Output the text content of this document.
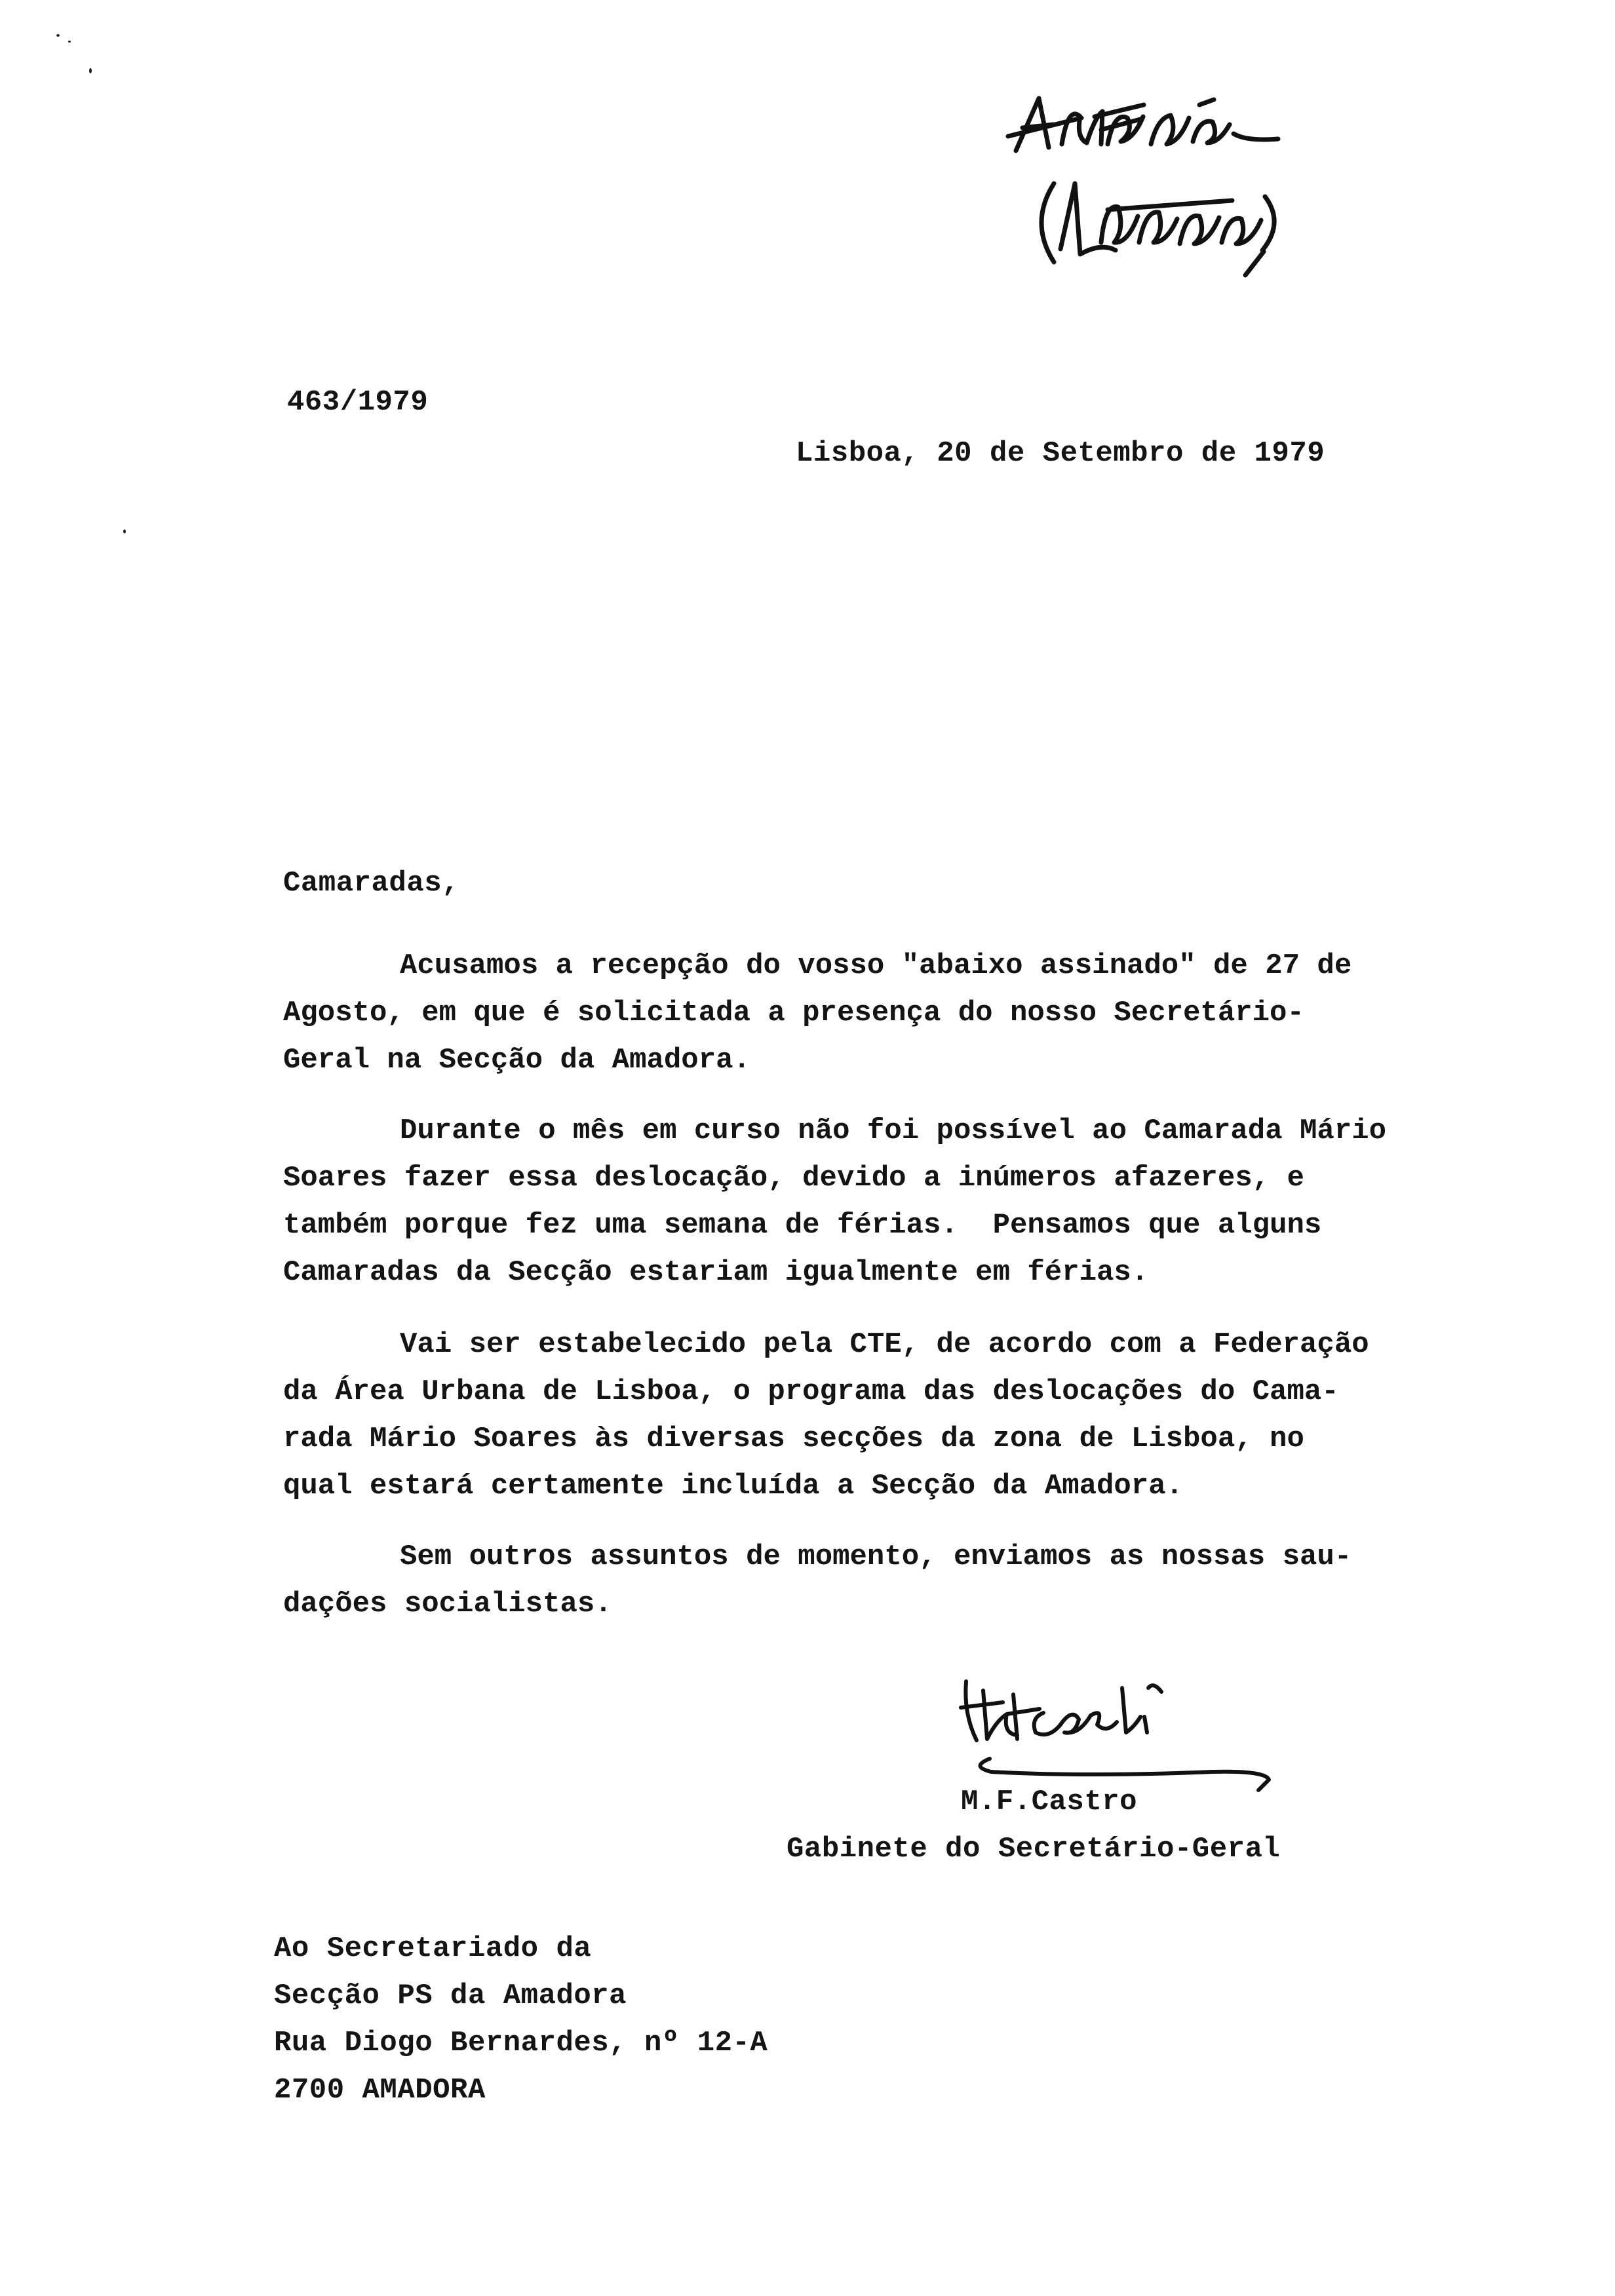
463/1979
Lisboa, 20 de Setembro de 1979
Camaradas,
Acusamos a recepção do vosso "abaixo assinado" de 27 de
Agosto, em que é solicitada a presença do nosso Secretário-
Geral na Secção da Amadora.
Durante o mês em curso não foi possível ao Camarada Mário
Soares fazer essa deslocação, devido a inúmeros afazeres, e
também porque fez uma semana de férias.  Pensamos que alguns
Camaradas da Secção estariam igualmente em férias.
Vai ser estabelecido pela CTE, de acordo com a Federação
da Área Urbana de Lisboa, o programa das deslocações do Cama-
rada Mário Soares às diversas secções da zona de Lisboa, no
qual estará certamente incluída a Secção da Amadora.
Sem outros assuntos de momento, enviamos as nossas sau-
dações socialistas.
M.F.Castro
Gabinete do Secretário-Geral
Ao Secretariado da
Secção PS da Amadora
Rua Diogo Bernardes, nº 12-A
2700 AMADORA
